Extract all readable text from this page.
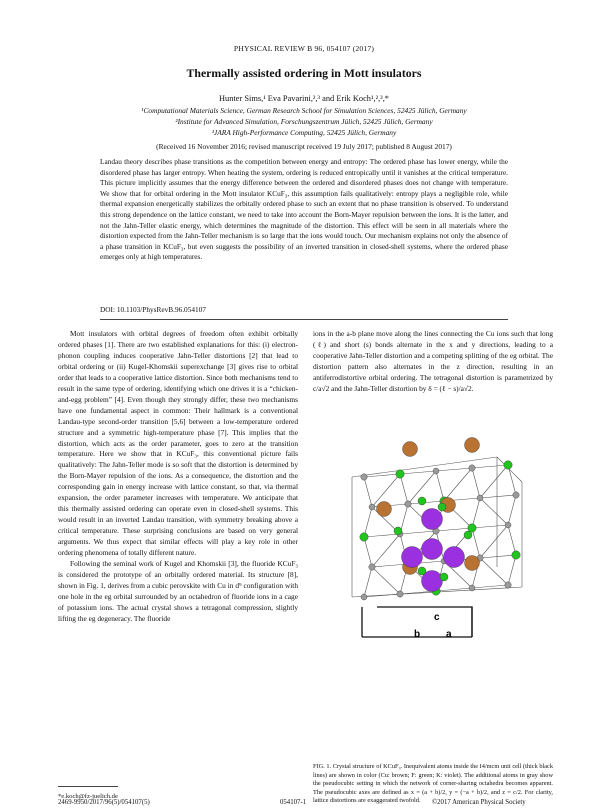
PHYSICAL REVIEW B 96, 054107 (2017)
Thermally assisted ordering in Mott insulators
Hunter Sims,¹ Eva Pavarini,²,³ and Erik Koch¹,²,³,*
¹Computational Materials Science, German Research School for Simulation Sciences, 52425 Jülich, Germany
²Institute for Advanced Simulation, Forschungszentrum Jülich, 52425 Jülich, Germany
³JARA High-Performance Computing, 52425 Jülich, Germany
(Received 16 November 2016; revised manuscript received 19 July 2017; published 8 August 2017)
Landau theory describes phase transitions as the competition between energy and entropy: The ordered phase has lower energy, while the disordered phase has larger entropy. When heating the system, ordering is reduced entropically until it vanishes at the critical temperature. This picture implicitly assumes that the energy difference between the ordered and disordered phases does not change with temperature. We show that for orbital ordering in the Mott insulator KCuF₃, this assumption fails qualitatively: entropy plays a negligible role, while thermal expansion energetically stabilizes the orbitally ordered phase to such an extent that no phase transition is observed. To understand this strong dependence on the lattice constant, we need to take into account the Born-Mayer repulsion between the ions. It is the latter, and not the Jahn-Teller elastic energy, which determines the magnitude of the distortion. This effect will be seen in all materials where the distortion expected from the Jahn-Teller mechanism is so large that the ions would touch. Our mechanism explains not only the absence of a phase transition in KCuF₃, but even suggests the possibility of an inverted transition in closed-shell systems, where the ordered phase emerges only at high temperatures.
DOI: 10.1103/PhysRevB.96.054107

Mott insulators with orbital degrees of freedom often exhibit orbitally ordered phases [1]. There are two established explanations for this: (i) electron-phonon coupling induces cooperative Jahn-Teller distortions [2] that lead to orbital ordering or (ii) Kugel-Khomskii superexchange [3] gives rise to orbital order that leads to a cooperative lattice distortion. Since both mechanisms tend to result in the same type of ordering, identifying which one drives it is a “chicken-and-egg problem” [4]. Even though they strongly differ, these two mechanisms have one fundamental aspect in common: Their hallmark is a conventional Landau-type second-order transition [5,6] between a low-temperature ordered structure and a symmetric high-temperature phase [7]. This implies that the distortion, which acts as the order parameter, goes to zero at the transition temperature. Here we show that in KCuF₃, this conventional picture fails qualitatively: The Jahn-Teller mode is so soft that the distortion is determined by the Born-Mayer repulsion of the ions. As a consequence, the distortion and the corresponding gain in energy increase with lattice constant, so that, via thermal expansion, the order parameter increases with temperature. We anticipate that this thermally assisted ordering can operate even in closed-shell systems. This would result in an inverted Landau transition, with symmetry breaking above a critical temperature. These surprising conclusions are based on very general arguments. We thus expect that similar effects will play a key role in other ordering phenomena of totally different nature.

Following the seminal work of Kugel and Khomskii [3], the fluoride KCuF₃ is considered the prototype of an orbitally ordered material. Its structure [8], shown in Fig. 1, derives from a cubic perovskite with Cu in d⁹ configuration with one hole in the eg orbital surrounded by an octahedron of fluoride ions in a cage of potassium ions. The actual crystal shows a tetragonal compression, slightly lifting the eg degeneracy. The fluoride

ions in the a-b plane move along the lines connecting the Cu ions such that long (ℓ) and short (s) bonds alternate in the x and y directions, leading to a cooperative Jahn-Teller distortion and a competing splitting of the eg orbital. The distortion pattern also alternates in the z direction, resulting in an antiferrodistortive orbital ordering. The tetragonal distortion is parametrized by c/a√2 and the Jahn-Teller distortion by δ = (ℓ − s)/a√2.

c
b	a
FIG. 1. Crystal structure of KCuF₃. Inequivalent atoms inside the I4/mcm unit cell (thick black lines) are shown in color (Cu: brown; F: green; K: violet). The additional atoms in gray show the pseudocubic setting in which the network of corner-sharing octahedra becomes apparent. The pseudocubic axes are defined as x = (a + b)/2, y = (−a + b)/2, and z = c/2. For clarity, lattice distortions are exaggerated twofold.
*e.koch@fz-juelich.de
2469-9950/2017/96(5)/054107(5)	054107-1	©2017 American Physical Society
